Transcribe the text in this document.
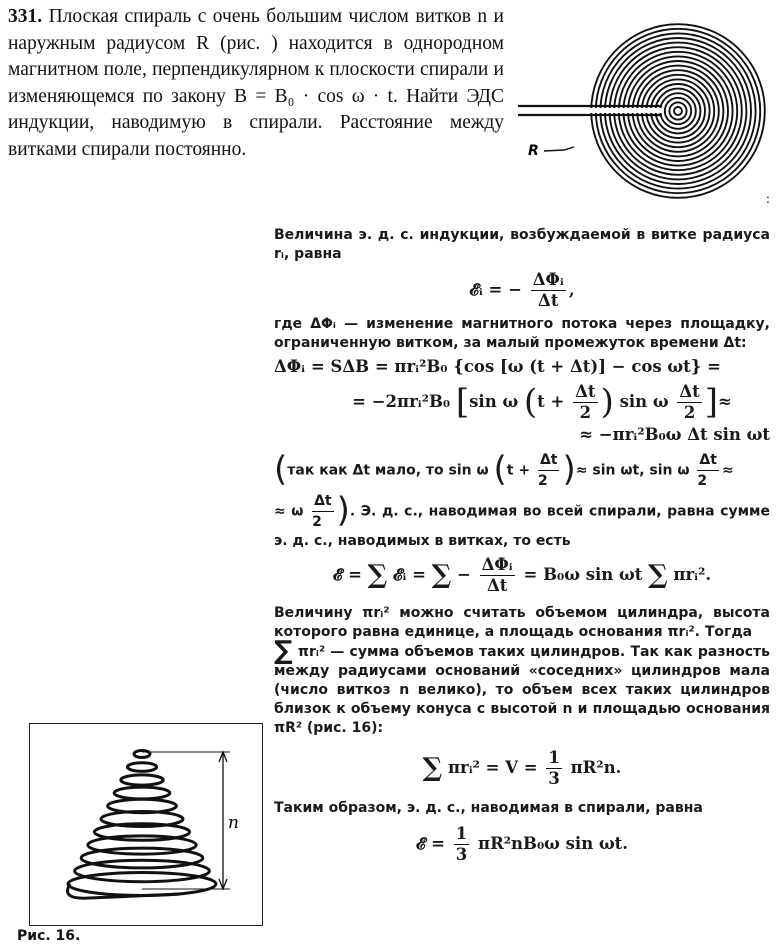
331. Плоская спираль с очень большим числом витков n и наружным радиусом R (рис. ) находится в однородном магнитном поле, перпендикулярном к плоскости спирали и изменяющемся по закону B = B₀ · cos ω · t. Найти ЭДС индукции, наводимую в спирали. Расстояние между витками спирали постоянно.	R
:

Величина э. д. с. индукции, возбуждаемой в витке радиуса rᵢ, равна

𝓔ᵢ = − $\frac{\text{ΔΦᵢ}}{\Delta t}$ ,

где ΔΦᵢ — изменение магнитного потока через площадку, ограниченную витком, за малый промежуток времени Δt:

ΔΦᵢ = SΔB = πrᵢ²B₀ {cos [ω (t + Δt)] − cos ωt} =

= −2πrᵢ²B₀ [sin ω ($t + \frac{\Delta t}{2}$ ) sin ω $\frac{\Delta t}{2}$ ]≈

≈ −πrᵢ²B₀ω Δt sin ωt

(так как Δt мало, то sin ω ($t + \frac{\Delta t}{2}$ )≈ sin ωt, sin ω $\frac{\Delta t}{2}$ ≈

≈ ω $\frac{\Delta t}{2}$ ). Э. д. с., наводимая во всей спирали, равна сумме э. д. с., наводимых в витках, то есть

𝓔 = ∑ 𝓔ᵢ = ∑ − $\frac{\text{ΔΦᵢ}}{\Delta t} = B_0\omega$ sin ωt ∑ πrᵢ².

Величину πrᵢ² можно считать объемом цилиндра, высота которого равна единице, а площадь основания πrᵢ². Тогда

∑ πrᵢ² — сумма объемов таких цилиндров. Так как разность между радиусами оснований «соседних» цилиндров мала (число виткоз n велико), то объем всех таких цилиндров близок к объему конуса с высотой n и площадью основания πR² (рис. 16):

∑ πrᵢ² = $V = \frac{1}{3} \pi R^2n$.

Таким образом, э. д. с., наводимая в спирали, равна

𝓔 = $\frac{1}{3} \pi R^2nB_0\omega$ sin ωt.

n
Рис. 16.
